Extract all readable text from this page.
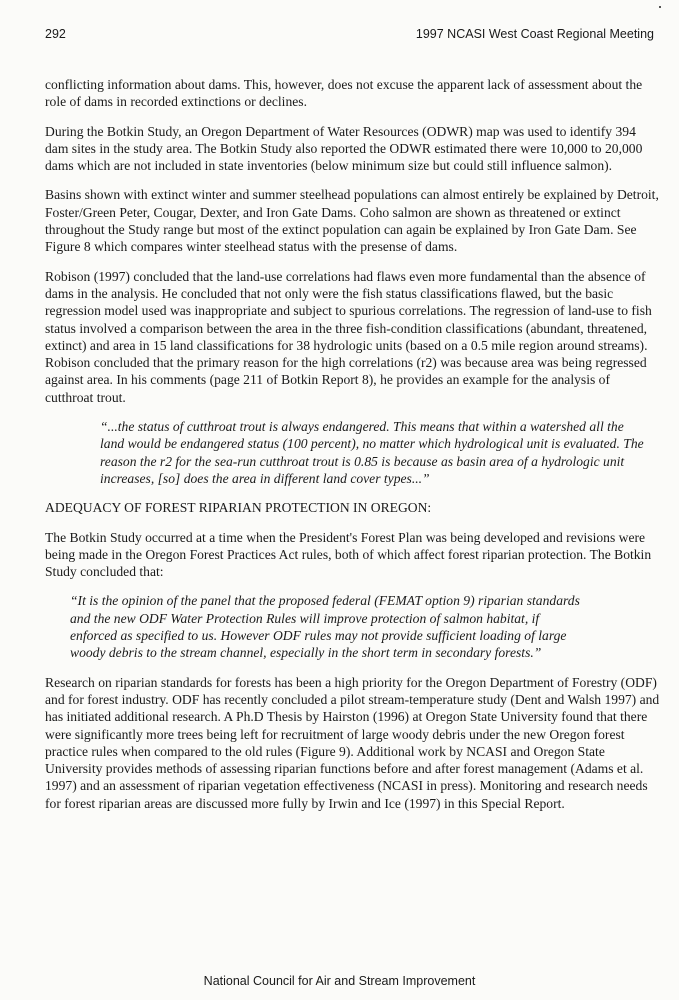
292	1997 NCASI West Coast Regional Meeting

conflicting information about dams. This, however, does not excuse the apparent lack of assessment about the role of dams in recorded extinctions or declines.

During the Botkin Study, an Oregon Department of Water Resources (ODWR) map was used to identify 394 dam sites in the study area. The Botkin Study also reported the ODWR estimated there were 10,000 to 20,000 dams which are not included in state inventories (below minimum size but could still influence salmon).

Basins shown with extinct winter and summer steelhead populations can almost entirely be explained by Detroit, Foster/Green Peter, Cougar, Dexter, and Iron Gate Dams. Coho salmon are shown as threatened or extinct throughout the Study range but most of the extinct population can again be explained by Iron Gate Dam. See Figure 8 which compares winter steelhead status with the presense of dams.

Robison (1997) concluded that the land-use correlations had flaws even more fundamental than the absence of dams in the analysis. He concluded that not only were the fish status classifications flawed, but the basic regression model used was inappropriate and subject to spurious correlations. The regression of land-use to fish status involved a comparison between the area in the three fish-condition classifications (abundant, threatened, extinct) and area in 15 land classifications for 38 hydrologic units (based on a 0.5 mile region around streams). Robison concluded that the primary reason for the high correlations (r2) was because area was being regressed against area. In his comments (page 211 of Botkin Report 8), he provides an example for the analysis of cutthroat trout.

“...the status of cutthroat trout is always endangered. This means that within a watershed all the land would be endangered status (100 percent), no matter which hydrological unit is evaluated. The reason the r2 for the sea-run cutthroat trout is 0.85 is because as basin area of a hydrologic unit increases, [so] does the area in different land cover types...”

ADEQUACY OF FOREST RIPARIAN PROTECTION IN OREGON:

The Botkin Study occurred at a time when the President's Forest Plan was being developed and revisions were being made in the Oregon Forest Practices Act rules, both of which affect forest riparian protection. The Botkin Study concluded that:

“It is the opinion of the panel that the proposed federal (FEMAT option 9) riparian standards and the new ODF Water Protection Rules will improve protection of salmon habitat, if enforced as specified to us. However ODF rules may not provide sufficient loading of large woody debris to the stream channel, especially in the short term in secondary forests.”

Research on riparian standards for forests has been a high priority for the Oregon Department of Forestry (ODF) and for forest industry. ODF has recently concluded a pilot stream-temperature study (Dent and Walsh 1997) and has initiated additional research. A Ph.D Thesis by Hairston (1996) at Oregon State University found that there were significantly more trees being left for recruitment of large woody debris under the new Oregon forest practice rules when compared to the old rules (Figure 9). Additional work by NCASI and Oregon State University provides methods of assessing riparian functions before and after forest management (Adams et al. 1997) and an assessment of riparian vegetation effectiveness (NCASI in press). Monitoring and research needs for forest riparian areas are discussed more fully by Irwin and Ice (1997) in this Special Report.

National Council for Air and Stream Improvement
